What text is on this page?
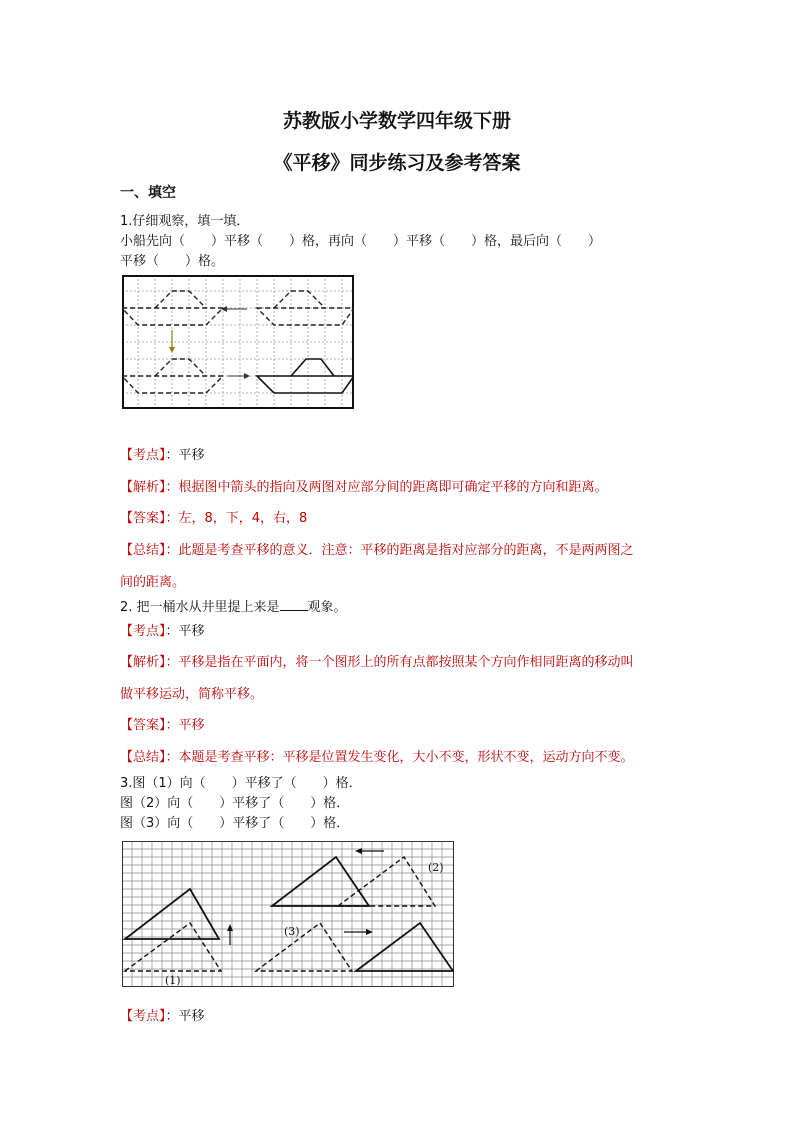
苏教版小学数学四年级下册
《平移》同步练习及参考答案
一、填空
1.仔细观察，填一填．
小船先向（　　）平移（　　）格，再向（　　）平移（　　）格，最后向（　　）
平移（　　）格。
【考点】：平移
【解析】：根据图中箭头的指向及两图对应部分间的距离即可确定平移的方向和距离。
【答案】：左，8，下，4，右，8
【总结】：此题是考查平移的意义．注意：平移的距离是指对应部分的距离，不是两两图之
间的距离。
2. 把一桶水从井里提上来是 观象。
【考点】：平移
【解析】：平移是指在平面内，将一个图形上的所有点都按照某个方向作相同距离的移动叫
做平移运动，简称平移。
【答案】：平移
【总结】：本题是考查平移：平移是位置发生变化，大小不变，形状不变，运动方向不变。
3.图（1）向（　　）平移了（　　）格．
图（2）向（　　）平移了（　　）格．
图（3）向（　　）平移了（　　）格．
(1)
(2)
(3)
【考点】：平移
